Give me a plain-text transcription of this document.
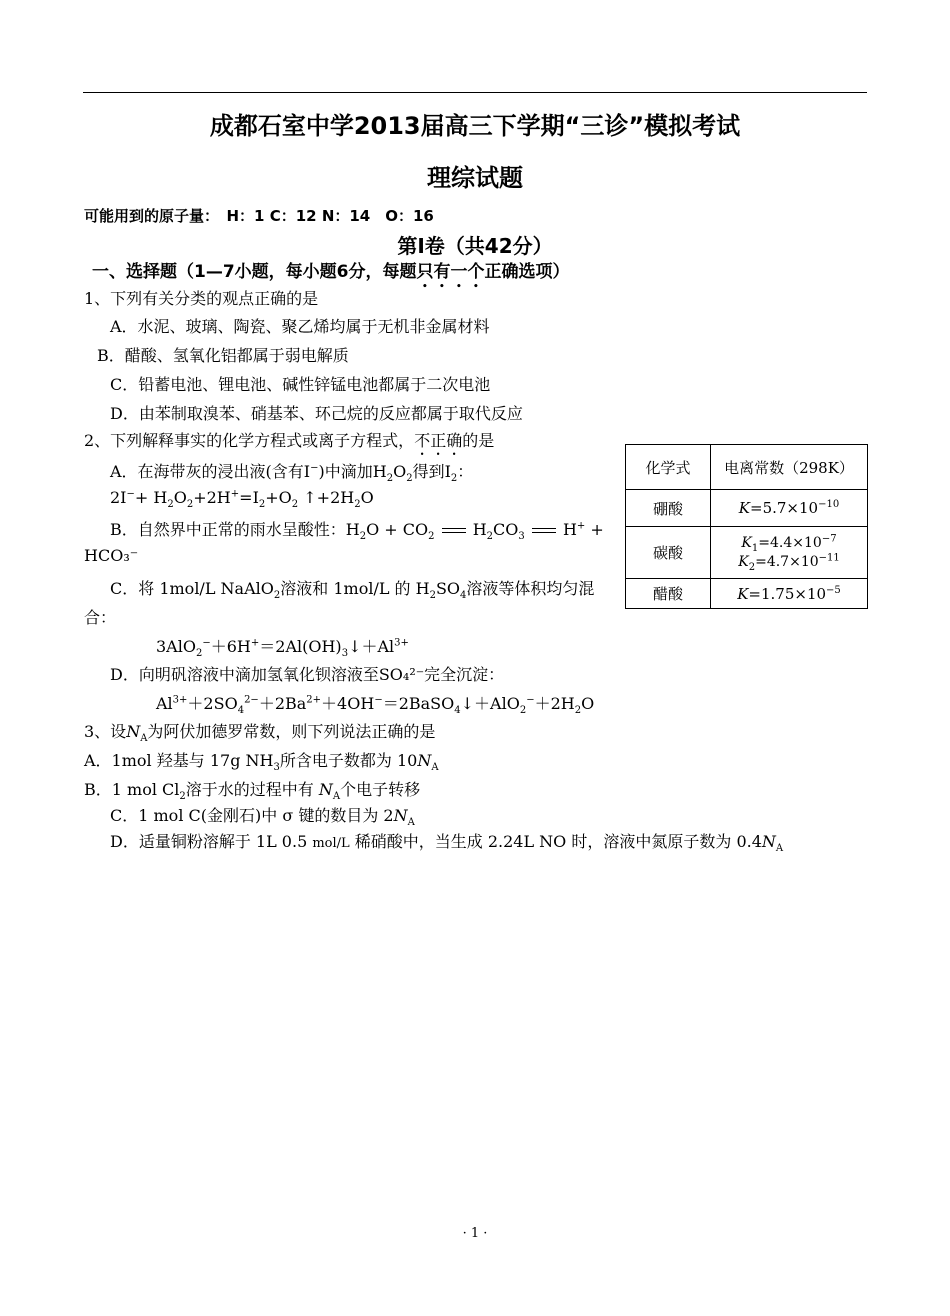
成都石室中学2013届高三下学期“三诊”模拟考试
理综试题
可能用到的原子量：　H：1 C：12 N：14　O：16
第Ⅰ卷（共42分）
一、选择题（1—7小题，每小题6分，每题只有一个正确选项）
1、下列有关分类的观点正确的是
A．水泥、玻璃、陶瓷、聚乙烯均属于无机非金属材料
B．醋酸、氢氧化铝都属于弱电解质
C．铅蓄电池、锂电池、碱性锌锰电池都属于二次电池
D．由苯制取溴苯、硝基苯、环己烷的反应都属于取代反应
2、下列解释事实的化学方程式或离子方程式，不正确的是
A．在海带灰的浸出液(含有I−)中滴加$H_2O_2$得到$I_2$：
$2I^-+ H_2O_2+2H^+=I_2+O_2$ $↑+2H_2O$
B．自然界中正常的雨水呈酸性：$H_2O + CO_2$  $H_2CO_3$  H+ +
HCO₃⁻
C．将 1mol/L NaAlO$_2$溶液和 1mol/L 的 $H_2SO_4$溶液等体积均匀混
合：
$3AlO_2^-+6H^+=2Al(OH)_3↓+Al^{3+}$
D．向明矾溶液中滴加氢氧化钡溶液至SO₄²⁻完全沉淀：
$Al^{3+}+2SO_4^{2-}+2Ba^{2+}+4OH^-=2BaSO_4↓+AlO_2^-+2H_2O$
化学式	电离常数（298K）
硼酸	$K=5.7\times 10^{-10}$
碳酸	$K_1=4.4\times 10^{-7}$
$K_2=4.7\times 10^{-11}$
醋酸	$K=1.75\times 10^{-5}$
3、设$N_A$为阿伏加德罗常数，则下列说法正确的是
A．1mol 羟基与 17g $NH_3$所含电子数都为 $10N_A$
B．1 mol $Cl_2$溶于水的过程中有 $N_A$个电子转移
C．1 mol C(金刚石)中 σ 键的数目为 $2N_A$
D．适量铜粉溶解于 1L 0.5 mol/L 稀硝酸中，当生成 2.24L NO 时，溶液中氮原子数为 $0.4N_A$
· 1 ·
